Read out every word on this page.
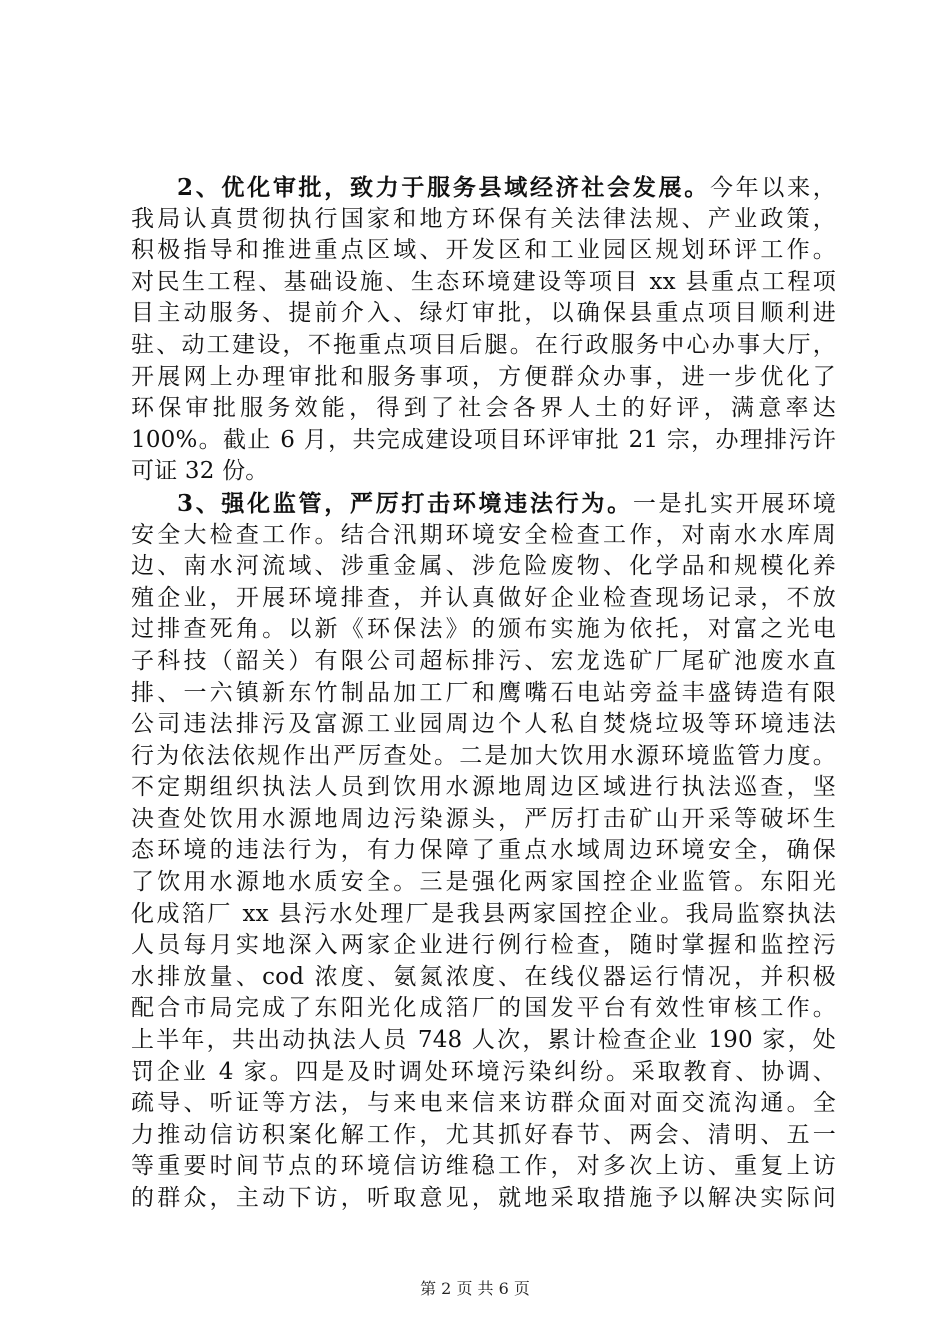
2、优化审批，致力于服务县域经济社会发展。今年以来，
我局认真贯彻执行国家和地方环保有关法律法规、产业政策，
积极指导和推进重点区域、开发区和工业园区规划环评工作。
对民生工程、基础设施、生态环境建设等项目 xx 县重点工程项
目主动服务、提前介入、绿灯审批，以确保县重点项目顺利进
驻、动工建设，不拖重点项目后腿。在行政服务中心办事大厅，
开展网上办理审批和服务事项，方便群众办事，进一步优化了
环保审批服务效能，得到了社会各界人土的好评，满意率达
100%。截止 6 月，共完成建设项目环评审批 21 宗，办理排污许
可证 32 份。
3、强化监管，严厉打击环境违法行为。一是扎实开展环境
安全大检查工作。结合汛期环境安全检查工作，对南水水库周
边、南水河流域、涉重金属、涉危险废物、化学品和规模化养
殖企业，开展环境排查，并认真做好企业检查现场记录，不放
过排查死角。以新《环保法》的颁布实施为依托，对富之光电
子科技（韶关）有限公司超标排污、宏龙选矿厂尾矿池废水直
排、一六镇新东竹制品加工厂和鹰嘴石电站旁益丰盛铸造有限
公司违法排污及富源工业园周边个人私自焚烧垃圾等环境违法
行为依法依规作出严厉查处。二是加大饮用水源环境监管力度。
不定期组织执法人员到饮用水源地周边区域进行执法巡查，坚
决查处饮用水源地周边污染源头，严厉打击矿山开采等破坏生
态环境的违法行为，有力保障了重点水域周边环境安全，确保
了饮用水源地水质安全。三是强化两家国控企业监管。东阳光
化成箔厂 xx 县污水处理厂是我县两家国控企业。我局监察执法
人员每月实地深入两家企业进行例行检查，随时掌握和监控污
水排放量、cod 浓度、氨氮浓度、在线仪器运行情况，并积极
配合市局完成了东阳光化成箔厂的国发平台有效性审核工作。
上半年，共出动执法人员 748 人次，累计检查企业 190 家，处
罚企业 4 家。四是及时调处环境污染纠纷。采取教育、协调、
疏导、听证等方法，与来电来信来访群众面对面交流沟通。全
力推动信访积案化解工作，尤其抓好春节、两会、清明、五一
等重要时间节点的环境信访维稳工作，对多次上访、重复上访
的群众，主动下访，听取意见，就地采取措施予以解决实际问
第 2 页 共 6 页
